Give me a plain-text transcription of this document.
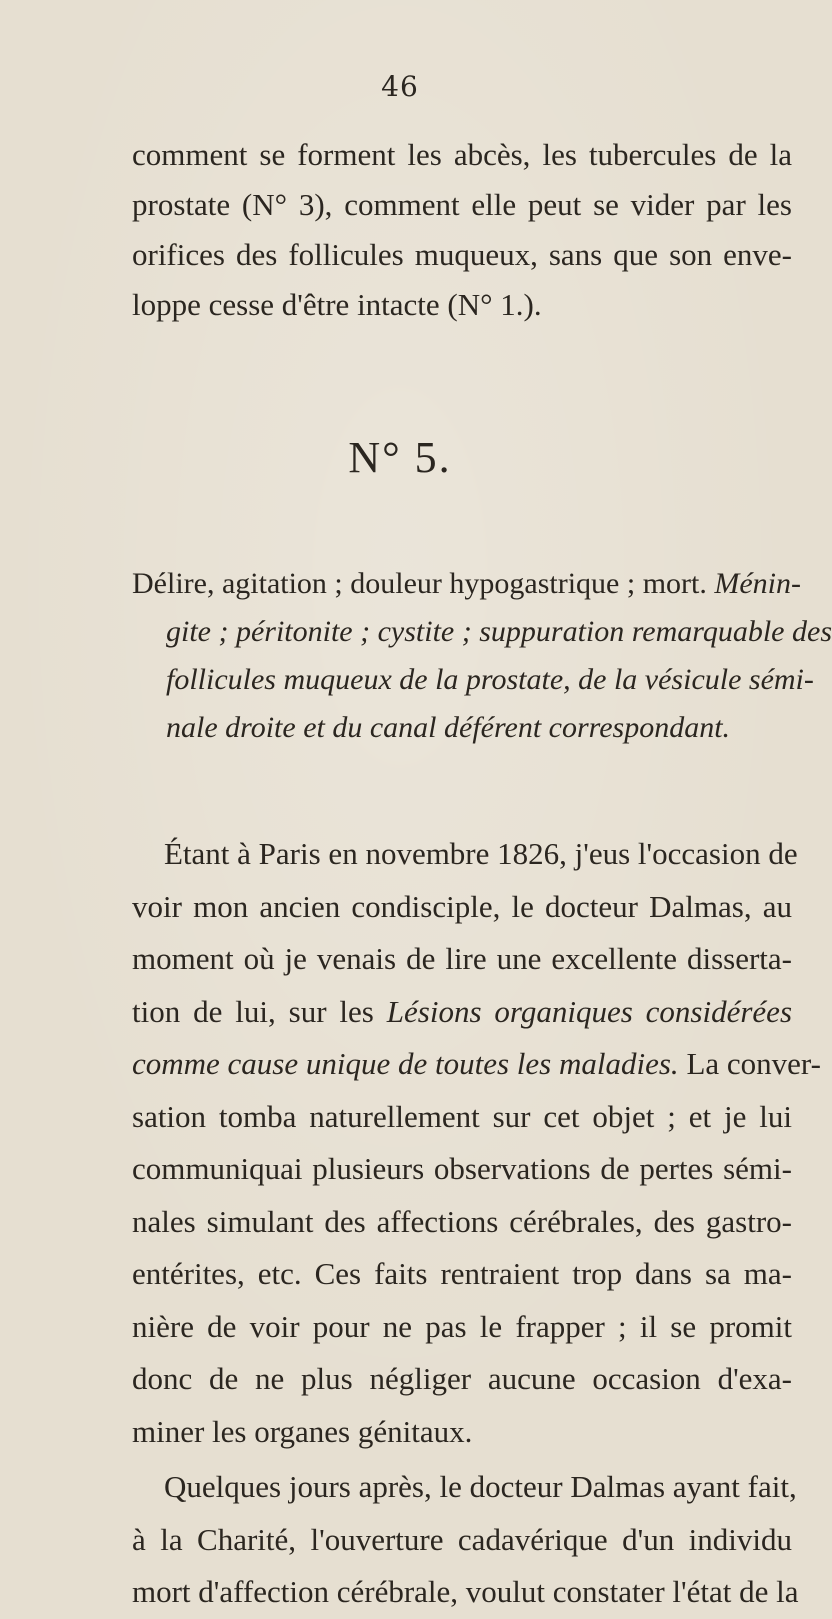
46
comment se forment les abcès, les tubercules de la
prostate (N° 3), comment elle peut se vider par les
orifices des follicules muqueux, sans que son enve-
loppe cesse d'être intacte (N° 1.).
N° 5.
Délire, agitation ; douleur hypogastrique ; mort. Ménin-
gite ; péritonite ; cystite ; suppuration remarquable des
follicules muqueux de la prostate, de la vésicule sémi-
nale droite et du canal déférent correspondant.
Étant à Paris en novembre 1826, j'eus l'occasion de
voir mon ancien condisciple, le docteur Dalmas, au
moment où je venais de lire une excellente disserta-
tion de lui, sur les Lésions organiques considérées
comme cause unique de toutes les maladies. La conver-
sation tomba naturellement sur cet objet ; et je lui
communiquai plusieurs observations de pertes sémi-
nales simulant des affections cérébrales, des gastro-
entérites, etc. Ces faits rentraient trop dans sa ma-
nière de voir pour ne pas le frapper ; il se promit
donc de ne plus négliger aucune occasion d'exa-
miner les organes génitaux.
Quelques jours après, le docteur Dalmas ayant fait,
à la Charité, l'ouverture cadavérique d'un individu
mort d'affection cérébrale, voulut constater l'état de la
